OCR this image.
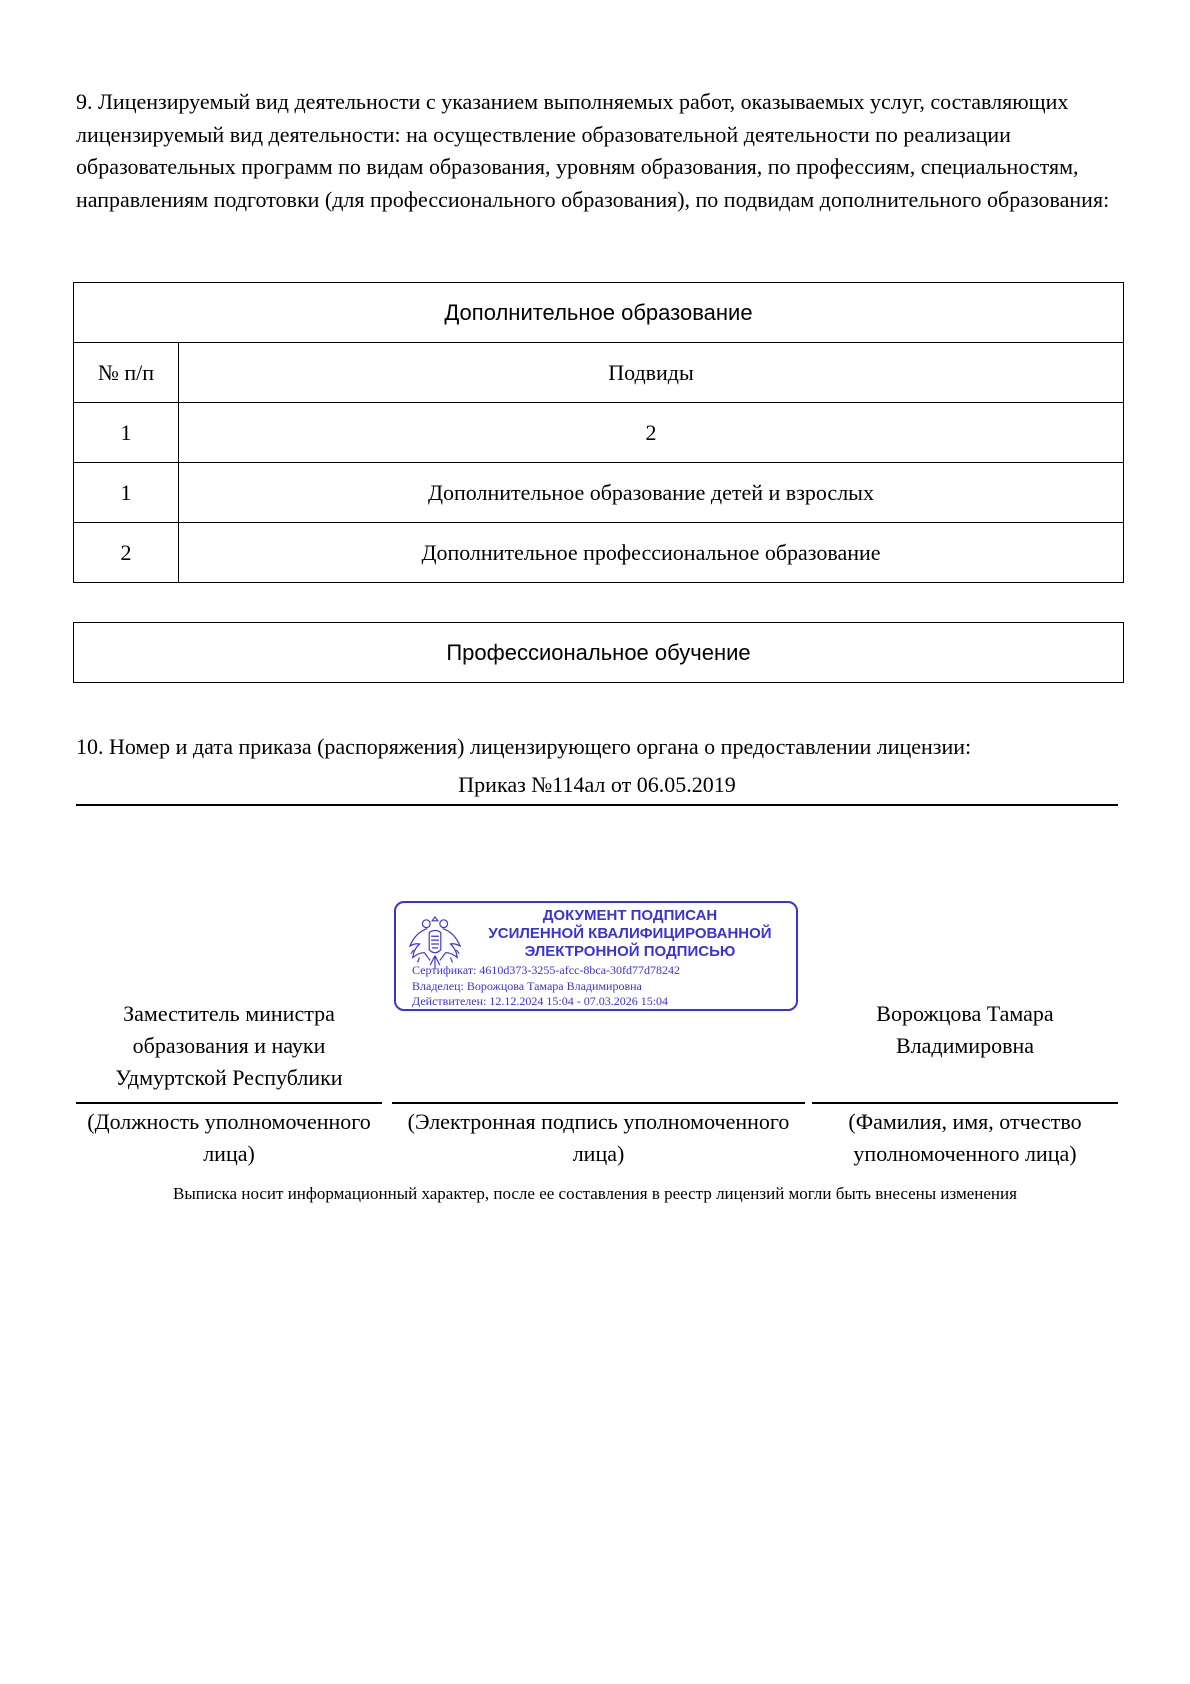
9. Лицензируемый вид деятельности с указанием выполняемых работ, оказываемых услуг, составляющих лицензируемый вид деятельности: на осуществление образовательной деятельности по реализации образовательных программ по видам образования, уровням образования, по профессиям, специальностям, направлениям подготовки (для профессионального образования), по подвидам дополнительного образования:
Дополнительное образование	
№ п/п	Подвиды
1	2
1	Дополнительное образование детей и взрослых
2	Дополнительное профессиональное образование
Профессиональное обучение
10. Номер и дата приказа (распоряжения) лицензирующего органа о предоставлении лицензии:
Приказ №114ал от 06.05.2019
ДОКУМЕНТ ПОДПИСАН
УСИЛЕННОЙ КВАЛИФИЦИРОВАННОЙ
ЭЛЕКТРОННОЙ ПОДПИСЬЮ
Сертификат: 4610d373-3255-afcc-8bca-30fd77d78242
Владелец: Ворожцова Тамара Владимировна
Действителен: 12.12.2024 15:04 - 07.03.2026 15:04
Заместитель министра образования и науки Удмуртской Республики
Ворожцова Тамара Владимировна
(Должность уполномоченного лица)
(Электронная подпись уполномоченного лица)
(Фамилия, имя, отчество уполномоченного лица)
Выписка носит информационный характер, после ее составления в реестр лицензий могли быть внесены изменения
